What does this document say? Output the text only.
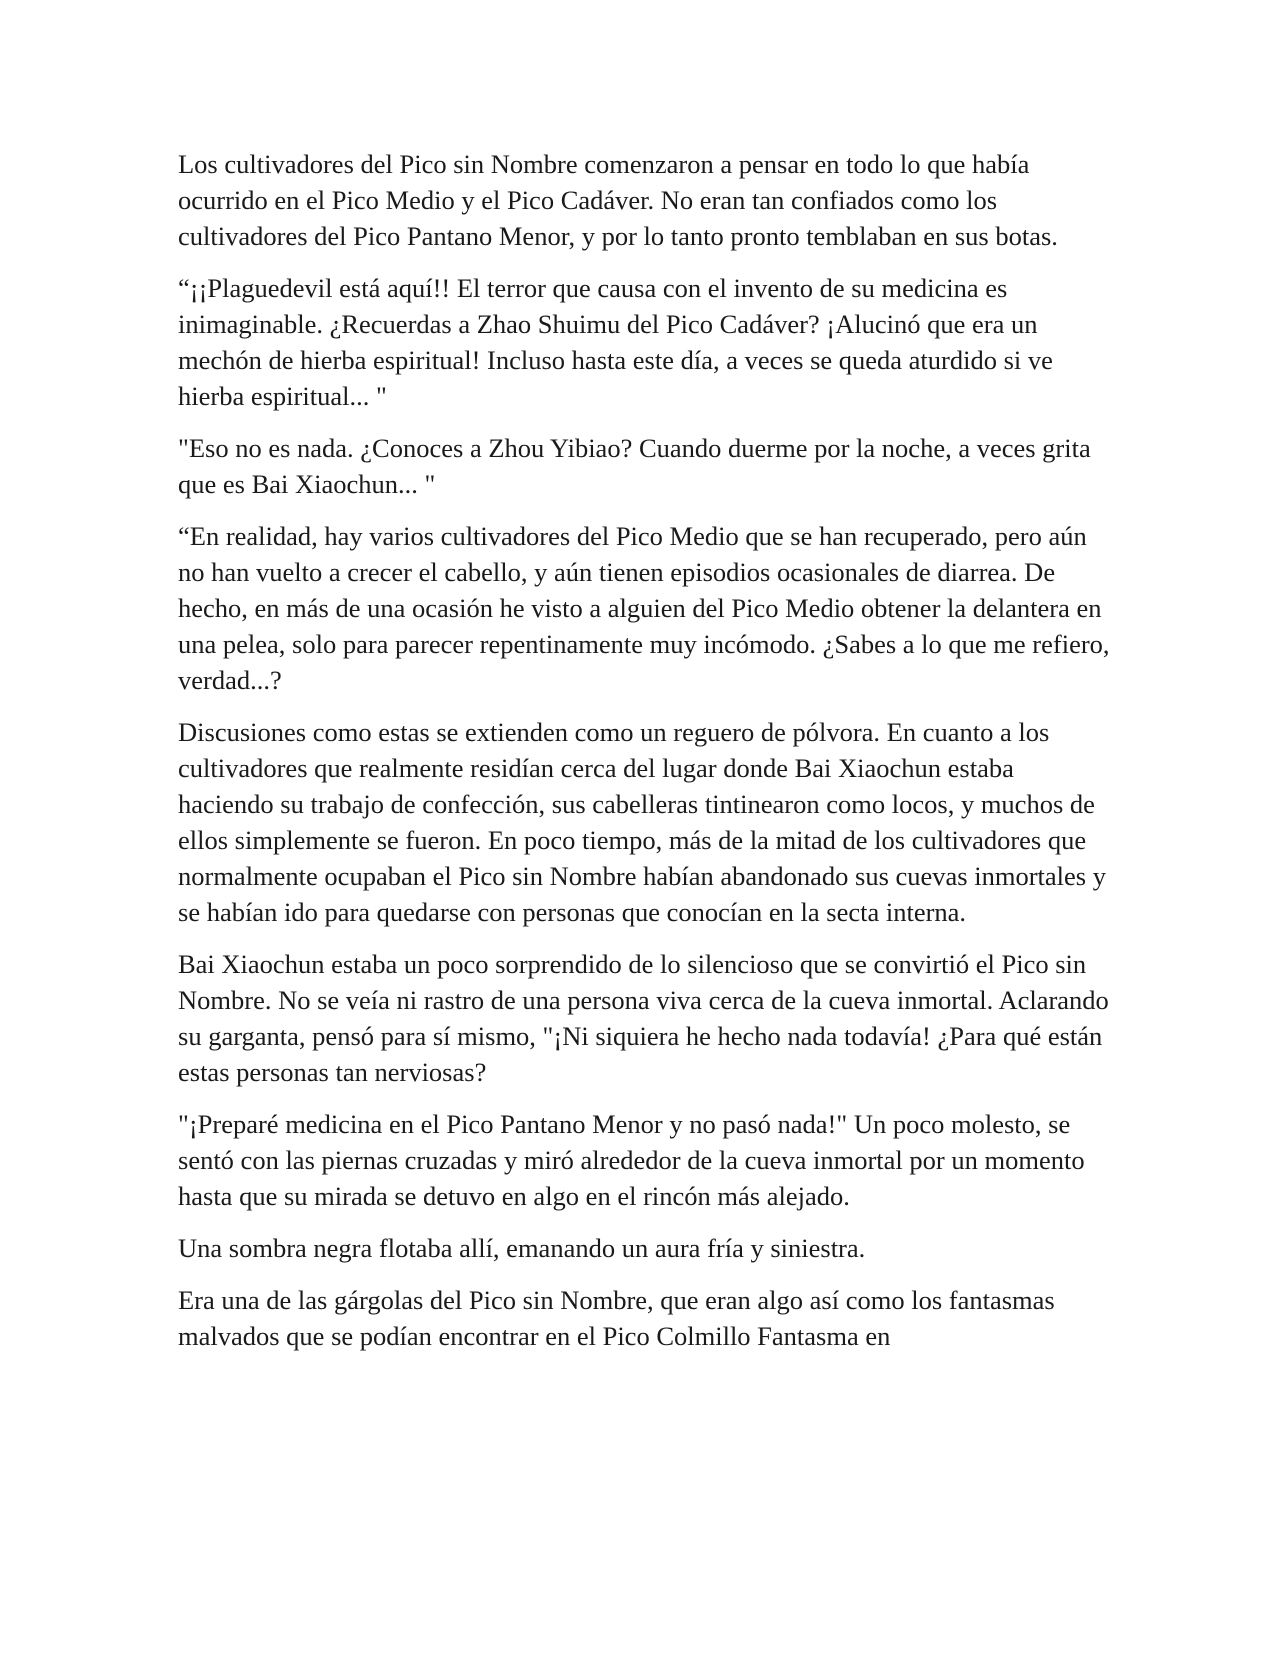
Los cultivadores del Pico sin Nombre comenzaron a pensar en todo lo que había ocurrido en el Pico Medio y el Pico Cadáver. No eran tan confiados como los cultivadores del Pico Pantano Menor, y por lo tanto pronto temblaban en sus botas.

“¡¡Plaguedevil está aquí!! El terror que causa con el invento de su medicina es inimaginable. ¿Recuerdas a Zhao Shuimu del Pico Cadáver? ¡Alucinó que era un mechón de hierba espiritual! Incluso hasta este día, a veces se queda aturdido si ve hierba espiritual... "

"Eso no es nada. ¿Conoces a Zhou Yibiao? Cuando duerme por la noche, a veces grita que es Bai Xiaochun... "

“En realidad, hay varios cultivadores del Pico Medio que se han recuperado, pero aún no han vuelto a crecer el cabello, y aún tienen episodios ocasionales de diarrea. De hecho, en más de una ocasión he visto a alguien del Pico Medio obtener la delantera en una pelea, solo para parecer repentinamente muy incómodo. ¿Sabes a lo que me refiero, verdad...?

Discusiones como estas se extienden como un reguero de pólvora. En cuanto a los cultivadores que realmente residían cerca del lugar donde Bai Xiaochun estaba haciendo su trabajo de confección, sus cabelleras tintinearon como locos, y muchos de ellos simplemente se fueron. En poco tiempo, más de la mitad de los cultivadores que normalmente ocupaban el Pico sin Nombre habían abandonado sus cuevas inmortales y se habían ido para quedarse con personas que conocían en la secta interna.

Bai Xiaochun estaba un poco sorprendido de lo silencioso que se convirtió el Pico sin Nombre. No se veía ni rastro de una persona viva cerca de la cueva inmortal. Aclarando su garganta, pensó para sí mismo, "¡Ni siquiera he hecho nada todavía! ¿Para qué están estas personas tan nerviosas?

"¡Preparé medicina en el Pico Pantano Menor y no pasó nada!" Un poco molesto, se sentó con las piernas cruzadas y miró alrededor de la cueva inmortal por un momento hasta que su mirada se detuvo en algo en el rincón más alejado.

Una sombra negra flotaba allí, emanando un aura fría y siniestra.

Era una de las gárgolas del Pico sin Nombre, que eran algo así como los fantasmas malvados que se podían encontrar en el Pico Colmillo Fantasma en
